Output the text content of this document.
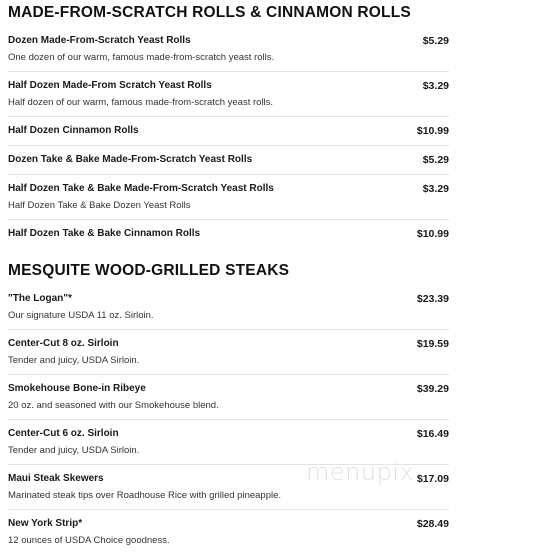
MADE-FROM-SCRATCH ROLLS & CINNAMON ROLLS
Dozen Made-From-Scratch Yeast Rolls	$5.29
One dozen of our warm, famous made-from-scratch yeast rolls.
Half Dozen Made-From Scratch Yeast Rolls	$3.29
Half dozen of our warm, famous made-from-scratch yeast rolls.
Half Dozen Cinnamon Rolls	$10.99
Dozen Take & Bake Made-From-Scratch Yeast Rolls	$5.29
Half Dozen Take & Bake Made-From-Scratch Yeast Rolls	$3.29
Half Dozen Take & Bake Dozen Yeast Rolls
Half Dozen Take & Bake Cinnamon Rolls	$10.99
MESQUITE WOOD-GRILLED STEAKS
"The Logan"*	$23.39
Our signature USDA 11 oz. Sirloin.
Center-Cut 8 oz. Sirloin	$19.59
Tender and juicy, USDA Sirloin.
Smokehouse Bone-in Ribeye	$39.29
20 oz. and seasoned with our Smokehouse blend.
Center-Cut 6 oz. Sirloin	$16.49
Tender and juicy, USDA Sirloin.
Maui Steak Skewers	$17.09
Marinated steak tips over Roadhouse Rice with grilled pineapple.
New York Strip*	$28.49
12 ounces of USDA Choice goodness.
menupix
